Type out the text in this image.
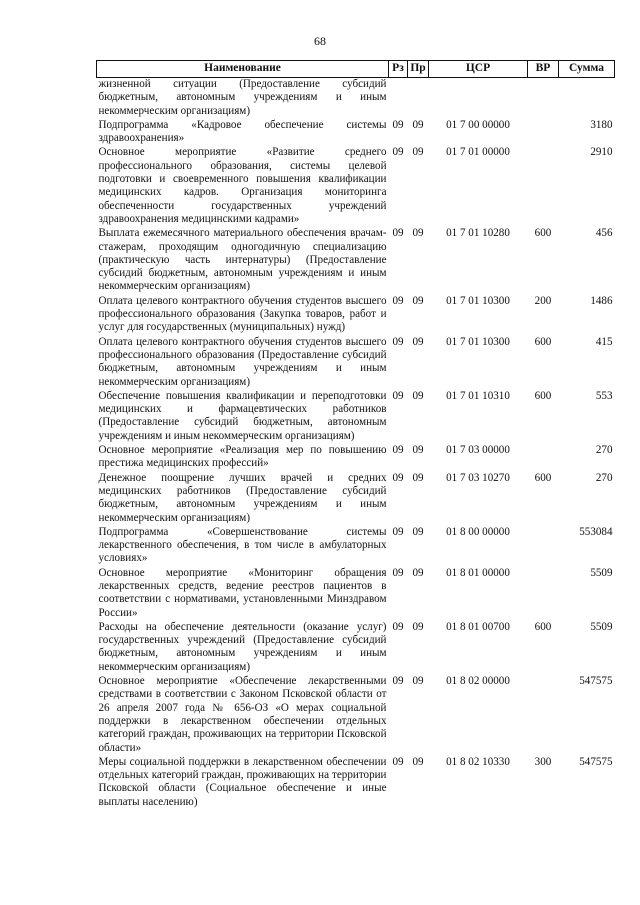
68
Наименование	Рз	Пр	ЦСР	ВР	Сумма
жизненной ситуации (Предоставление субсидий бюджетным, автономным учреждениям и иным некоммерческим организациям)					
Подпрограмма «Кадровое обеспечение системы здравоохранения»	09	09	01 7 00 00000		3180
Основное мероприятие «Развитие среднего профессионального образования, системы целевой подготовки и своевременного повышения квалификации медицинских кадров. Организация мониторинга обеспеченности государственных учреждений здравоохранения медицинскими кадрами»	09	09	01 7 01 00000		2910
Выплата ежемесячного материального обеспечения врачам-стажерам, проходящим одногодичную специализацию (практическую часть интернатуры) (Предоставление субсидий бюджетным, автономным учреждениям и иным некоммерческим организациям)	09	09	01 7 01 10280	600	456
Оплата целевого контрактного обучения студентов высшего профессионального образования (Закупка товаров, работ и услуг для государственных (муниципальных) нужд)	09	09	01 7 01 10300	200	1486
Оплата целевого контрактного обучения студентов высшего профессионального образования (Предоставление субсидий бюджетным, автономным учреждениям и иным некоммерческим организациям)	09	09	01 7 01 10300	600	415
Обеспечение повышения квалификации и переподготовки медицинских и фармацевтических работников (Предоставление субсидий бюджетным, автономным учреждениям и иным некоммерческим организациям)	09	09	01 7 01 10310	600	553
Основное мероприятие «Реализация мер по повышению престижа медицинских профессий»	09	09	01 7 03 00000		270
Денежное поощрение лучших врачей и средних медицинских работников (Предоставление субсидий бюджетным, автономным учреждениям и иным некоммерческим организациям)	09	09	01 7 03 10270	600	270
Подпрограмма «Совершенствование системы лекарственного обеспечения, в том числе в амбулаторных условиях»	09	09	01 8 00 00000		553084
Основное мероприятие «Мониторинг обращения лекарственных средств, ведение реестров пациентов в соответствии с нормативами, установленными Минздравом России»	09	09	01 8 01 00000		5509
Расходы на обеспечение деятельности (оказание услуг) государственных учреждений (Предоставление субсидий бюджетным, автономным учреждениям и иным некоммерческим организациям)	09	09	01 8 01 00700	600	5509
Основное мероприятие «Обеспечение лекарственными средствами в соответствии с Законом Псковской области от 26 апреля 2007 года № 656-ОЗ «О мерах социальной поддержки в лекарственном обеспечении отдельных категорий граждан, проживающих на территории Псковской области»	09	09	01 8 02 00000		547575
Меры социальной поддержки в лекарственном обеспечении отдельных категорий граждан, проживающих на территории Псковской области (Социальное обеспечение и иные выплаты населению)	09	09	01 8 02 10330	300	547575
